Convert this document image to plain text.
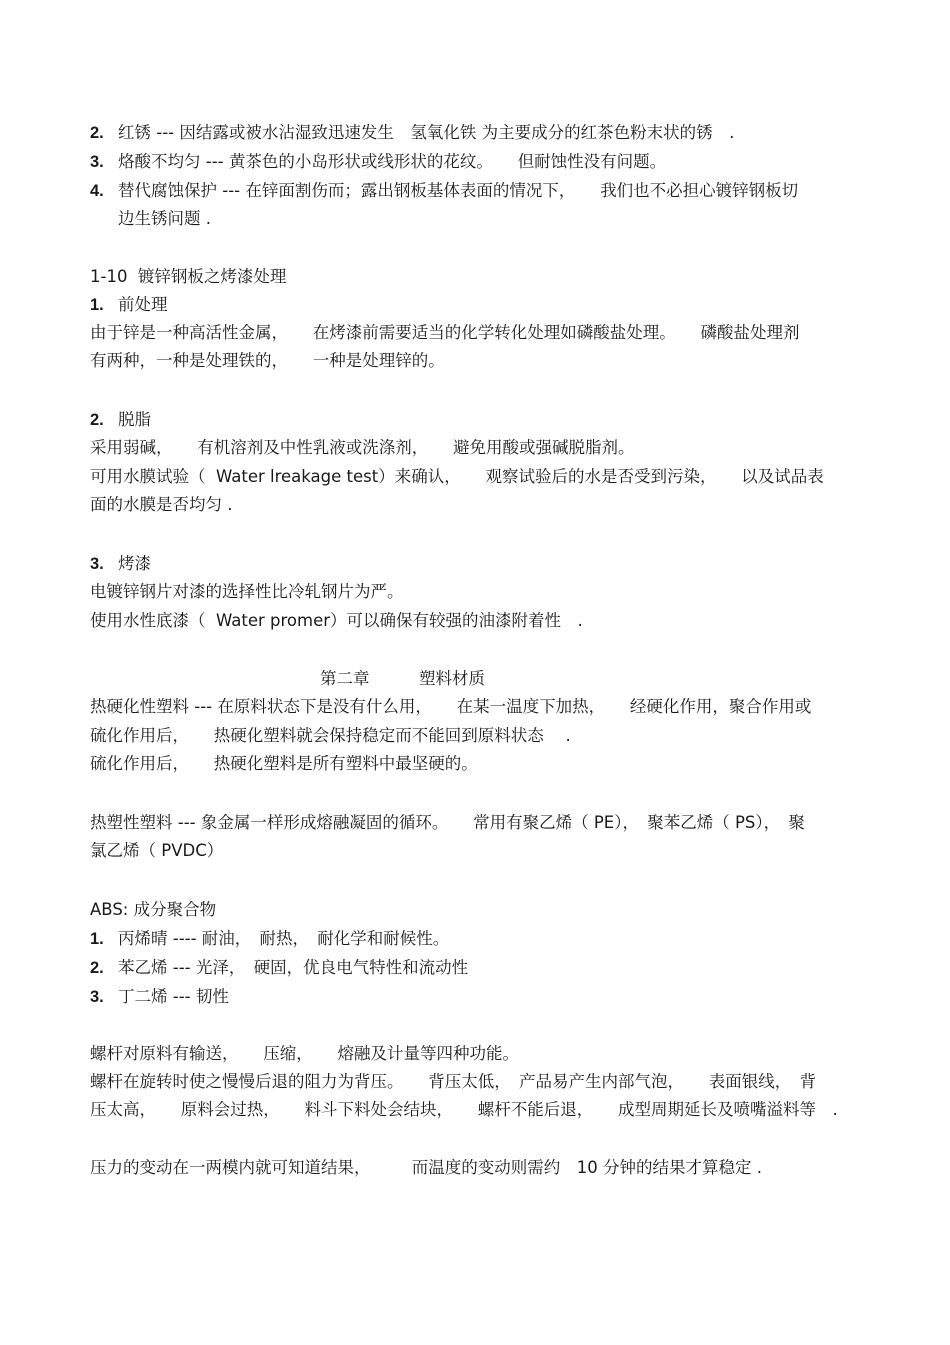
2. 红锈 --- 因结露或被水沾湿致迅速发生　氢氧化铁 为主要成分的红茶色粉末状的锈　.
3. 烙酸不均匀 --- 黄茶色的小岛形状或线形状的花纹。　　但耐蚀性没有问题。
4. 替代腐蚀保护 --- 在锌面割伤而；露出钢板基体表面的情况下，　　我们也不必担心镀锌钢板切
边生锈问题 .
1-10  镀锌钢板之烤漆处理
1. 前处理
由于锌是一种高活性金属，　　在烤漆前需要适当的化学转化处理如磷酸盐处理。　　磷酸盐处理剂
有两种，一种是处理铁的，　　一种是处理锌的。
2. 脱脂
采用弱碱，　　有机溶剂及中性乳液或洗涤剂，　　避免用酸或强碱脱脂剂。
可用水膜试验（  Water lreakage test）来确认，　　观察试验后的水是否受到污染，　　以及试品表
面的水膜是否均匀 .
3. 烤漆
电镀锌钢片对漆的选择性比冷轧钢片为严。
使用水性底漆（  Water promer）可以确保有较强的油漆附着性　.
第二章　　　塑料材质
热硬化性塑料 --- 在原料状态下是没有什么用，　　在某一温度下加热，　　经硬化作用，聚合作用或
硫化作用后，　　热硬化塑料就会保持稳定而不能回到原料状态　 .
硫化作用后，　　热硬化塑料是所有塑料中最坚硬的。
热塑性塑料 --- 象金属一样形成熔融凝固的循环。　　常用有聚乙烯（ PE），　聚苯乙烯（ PS），　聚
氯乙烯（ PVDC）
ABS: 成分聚合物
1. 丙烯晴 ---- 耐油，　耐热，　耐化学和耐候性。
2. 苯乙烯 --- 光泽，　硬固，优良电气特性和流动性
3. 丁二烯 --- 韧性
螺杆对原料有输送，　　压缩，　　熔融及计量等四种功能。
螺杆在旋转时使之慢慢后退的阻力为背压。　　背压太低，　产品易产生内部气泡，　　表面银线，　背
压太高，　　原料会过热，　　料斗下料处会结块，　　螺杆不能后退，　　成型周期延长及喷嘴溢料等　.
压力的变动在一两模内就可知道结果，　　　而温度的变动则需约　10 分钟的结果才算稳定 .
